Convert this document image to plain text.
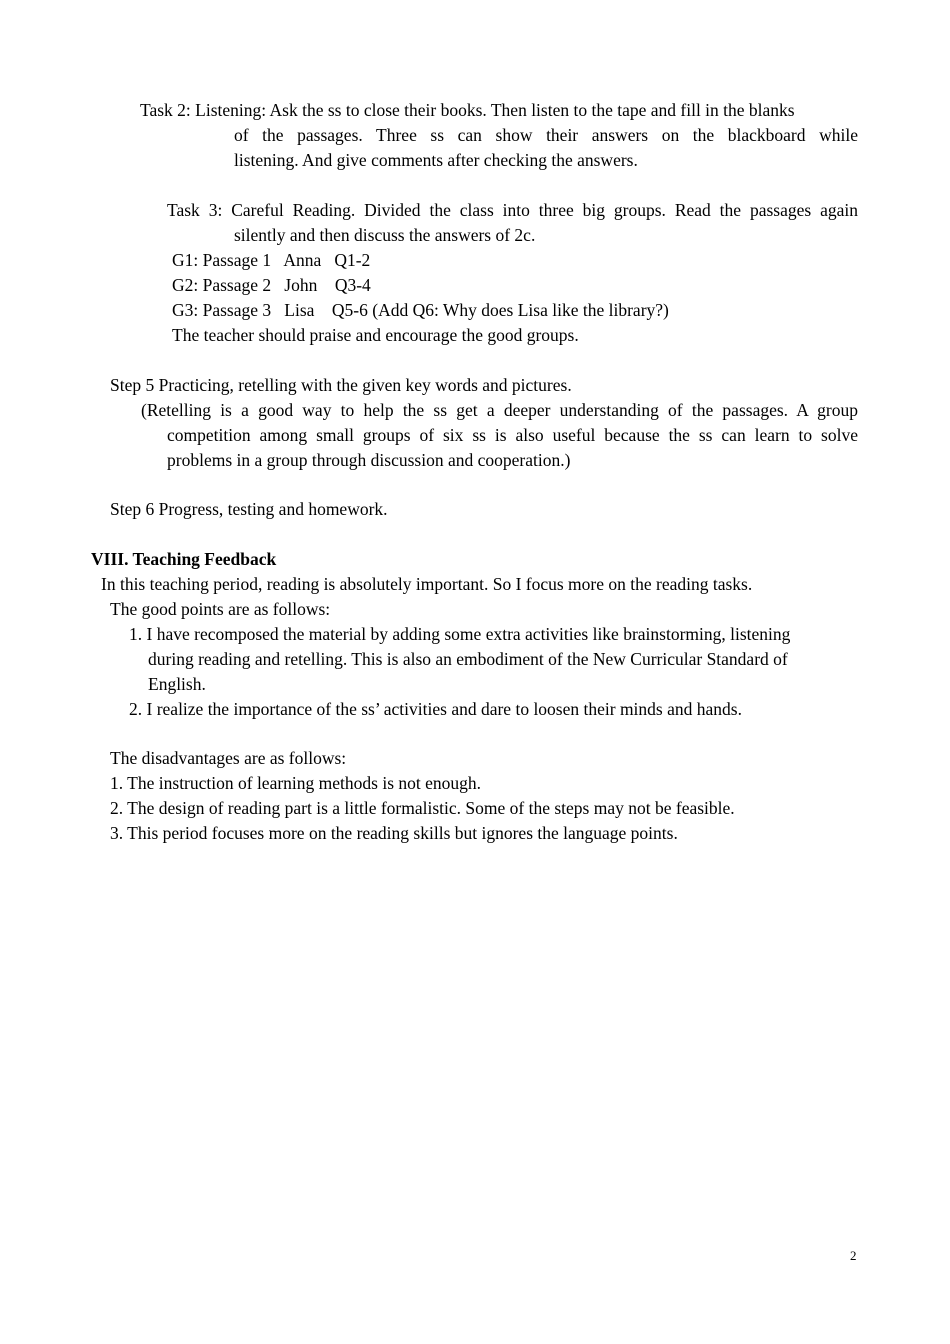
Task 2: Listening: Ask the ss to close their books. Then listen to the tape and fill in the blanks
of the passages. Three ss can show their answers on the blackboard while
listening. And give comments after checking the answers.
Task 3: Careful Reading. Divided the class into three big groups. Read the passages again
silently and then discuss the answers of 2c.
G1: Passage 1   Anna   Q1-2
G2: Passage 2   John    Q3-4
G3: Passage 3   Lisa    Q5-6 (Add Q6: Why does Lisa like the library?)
The teacher should praise and encourage the good groups.
Step 5 Practicing, retelling with the given key words and pictures.
(Retelling is a good way to help the ss get a deeper understanding of the passages. A group
competition among small groups of six ss is also useful because the ss can learn to solve
problems in a group through discussion and cooperation.)
Step 6 Progress, testing and homework.
VIII. Teaching Feedback
In this teaching period, reading is absolutely important. So I focus more on the reading tasks.
The good points are as follows:
1. I have recomposed the material by adding some extra activities like brainstorming, listening
during reading and retelling. This is also an embodiment of the New Curricular Standard of
English.
2. I realize the importance of the ss’ activities and dare to loosen their minds and hands.
The disadvantages are as follows:
1. The instruction of learning methods is not enough.
2. The design of reading part is a little formalistic. Some of the steps may not be feasible.
3. This period focuses more on the reading skills but ignores the language points.
2
